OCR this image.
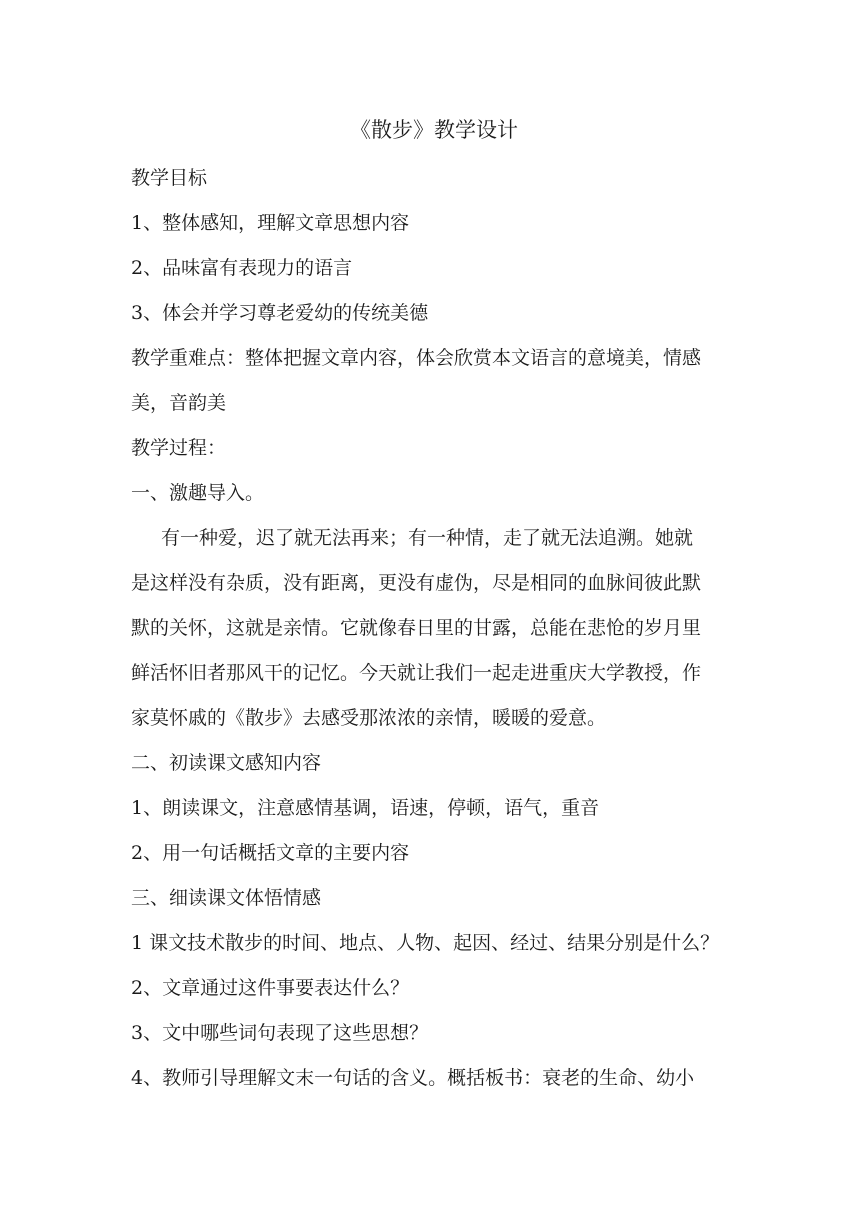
《散步》教学设计
教学目标
1、整体感知，理解文章思想内容
2、品味富有表现力的语言
3、体会并学习尊老爱幼的传统美德
教学重难点：整体把握文章内容，体会欣赏本文语言的意境美，情感
美，音韵美
教学过程：
一、激趣导入。
有一种爱，迟了就无法再来；有一种情，走了就无法追溯。她就
是这样没有杂质，没有距离，更没有虚伪，尽是相同的血脉间彼此默
默的关怀，这就是亲情。它就像春日里的甘露，总能在悲怆的岁月里
鲜活怀旧者那风干的记忆。今天就让我们一起走进重庆大学教授，作
家莫怀戚的《散步》去感受那浓浓的亲情，暖暖的爱意。
二、初读课文感知内容
1、朗读课文，注意感情基调，语速，停顿，语气，重音
2、用一句话概括文章的主要内容
三、细读课文体悟情感
1 课文技术散步的时间、地点、人物、起因、经过、结果分别是什么？
2、文章通过这件事要表达什么？
3、文中哪些词句表现了这些思想？
4、教师引导理解文末一句话的含义。概括板书：衰老的生命、幼小
